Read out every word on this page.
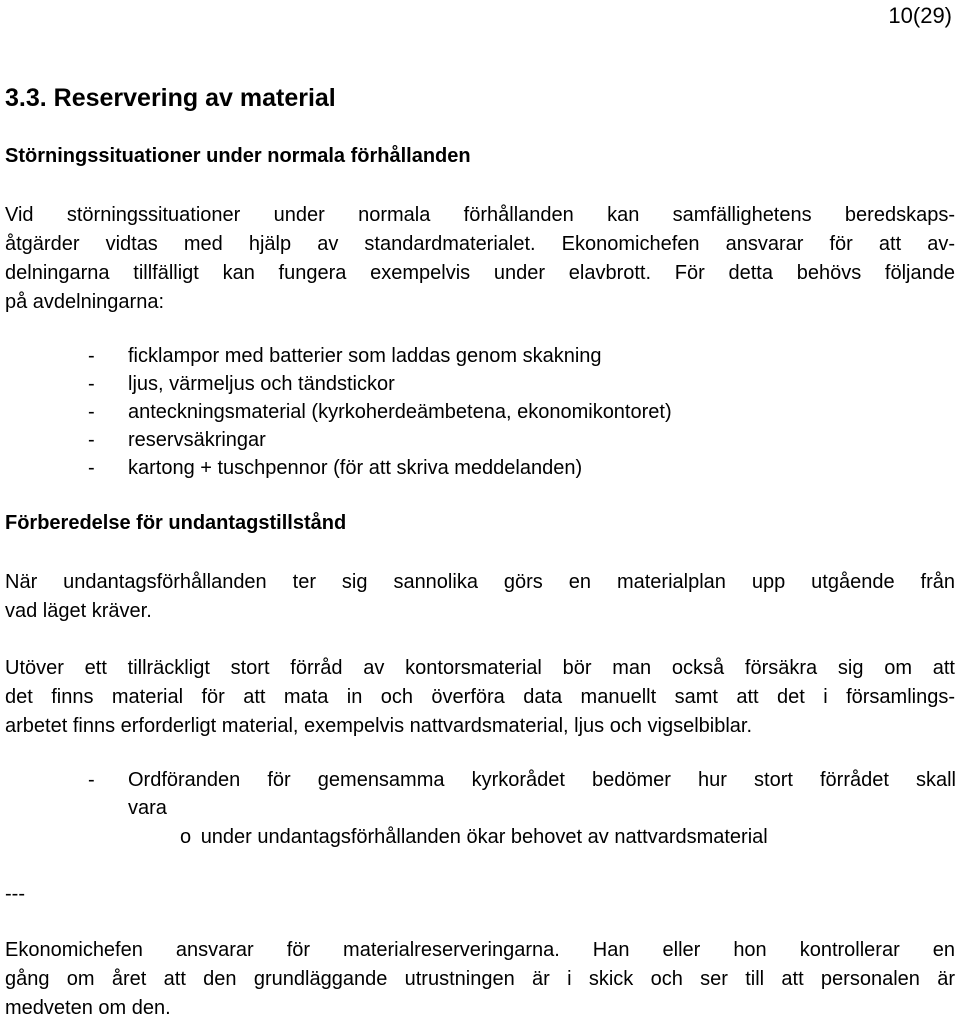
10(29)
3.3. Reservering av material
Störningssituationer under normala förhållanden

Vid störningssituationer under normala förhållanden kan samfällighetens beredskaps-
åtgärder vidtas med hjälp av standardmaterialet. Ekonomichefen ansvarar för att av-
delningarna tillfälligt kan fungera exempelvis under elavbrott. För detta behövs följande
på avdelningarna:

- ficklampor med batterier som laddas genom skakning
- ljus, värmeljus och tändstickor
- anteckningsmaterial (kyrkoherdeämbetena, ekonomikontoret)
- reservsäkringar
- kartong + tuschpennor (för att skriva meddelanden)
Förberedelse för undantagstillstånd

När undantagsförhållanden ter sig sannolika görs en materialplan upp utgående från
vad läget kräver.

Utöver ett tillräckligt stort förråd av kontorsmaterial bör man också försäkra sig om att
det finns material för att mata in och överföra data manuellt samt att det i församlings-
arbetet finns erforderligt material, exempelvis nattvardsmaterial, ljus och vigselbiblar.

- Ordföranden för gemensamma kyrkorådet bedömer hur stort förrådet skall
vara
o under undantagsförhållanden ökar behovet av nattvardsmaterial
---

Ekonomichefen ansvarar för materialreserveringarna. Han eller hon kontrollerar en
gång om året att den grundläggande utrustningen är i skick och ser till att personalen är
medveten om den.
